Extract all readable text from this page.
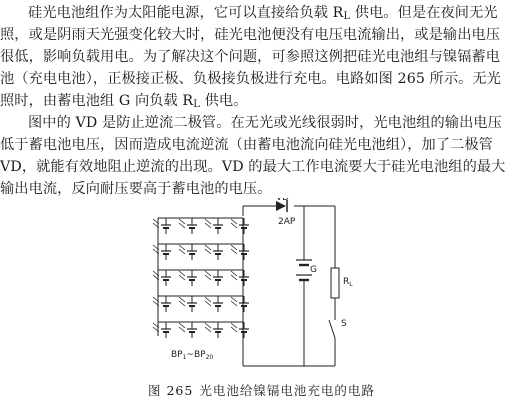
硅光电池组作为太阳能电源，它可以直接给负载 $R_L$ 供电。但是在夜间无光
照，或是阴雨天光强变化较大时，硅光电池便没有电压电流输出，或是输出电压
很低，影响负载用电。为了解决这个问题，可参照这例把硅光电池组与镍镉蓄电
池（充电电池），正极接正极、负极接负极进行充电。电路如图 265 所示。无光
照时，由蓄电池组 G 向负载 $R_L$ 供电。
图中的 VD 是防止逆流二极管。在无光或光线很弱时，光电池组的输出电压
低于蓄电池电压，因而造成电流逆流（由蓄电池流向硅光电池组），加了二极管
VD，就能有效地阻止逆流的出现。VD 的最大工作电流要大于硅光电池组的最大
输出电流，反向耐压要高于蓄电池的电压。
VD
2AP
G
$R_L$
S
$BP_1\sim BP_{20}$
图 265 光电池给镍镉电池充电的电路
